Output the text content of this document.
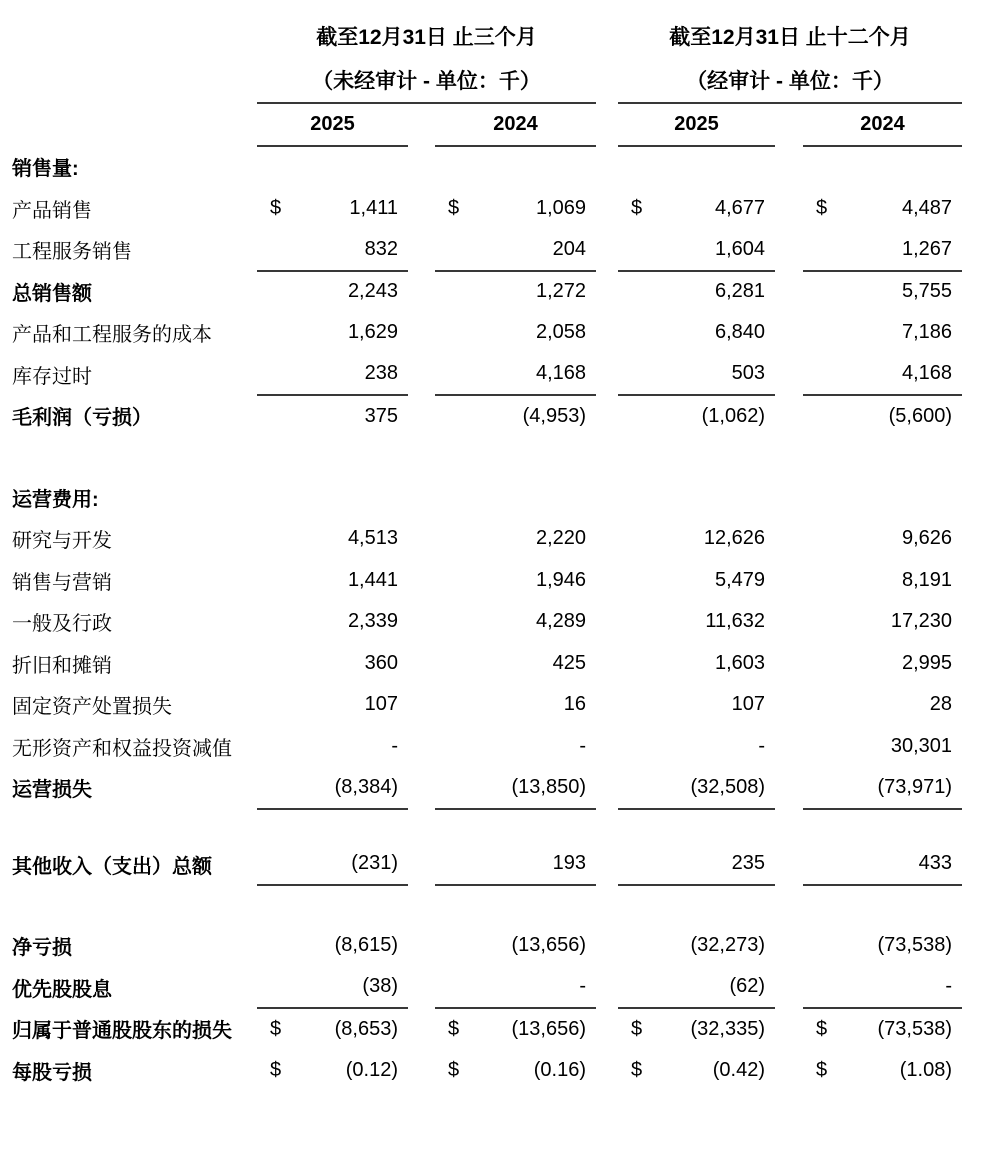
	截至12月31日 止三个月						截至12月31日 止十二个月					
	（未经审计 - 单位：千）						（经审计 - 单位：千）					
	2025			2024			2025			2024		
销售量:												
产品销售	$	1,411		$	1,069		$	4,677		$	4,487	
工程服务销售		832			204			1,604			1,267	
总销售额		2,243			1,272			6,281			5,755	
产品和工程服务的成本		1,629			2,058			6,840			7,186	
库存过时		238			4,168			503			4,168	
毛利润（亏损）		375			(4,953)			(1,062)			(5,600)	

运营费用:												
研究与开发		4,513			2,220			12,626			9,626	
销售与营销		1,441			1,946			5,479			8,191	
一般及行政		2,339			4,289			11,632			17,230	
折旧和摊销		360			425			1,603			2,995	
固定资产处置损失		107			16			107			28	
无形资产和权益投资减值		-			-			-			30,301	
运营损失		(8,384)			(13,850)			(32,508)			(73,971)	

其他收入（支出）总额		(231)			193			235			433	

净亏损		(8,615)			(13,656)			(32,273)			(73,538)	
优先股股息		(38)			-			(62)			-	
归属于普通股股东的损失	$	(8,653)		$	(13,656)		$	(32,335)		$	(73,538)	
每股亏损	$	(0.12)		$	(0.16)		$	(0.42)		$	(1.08)	
